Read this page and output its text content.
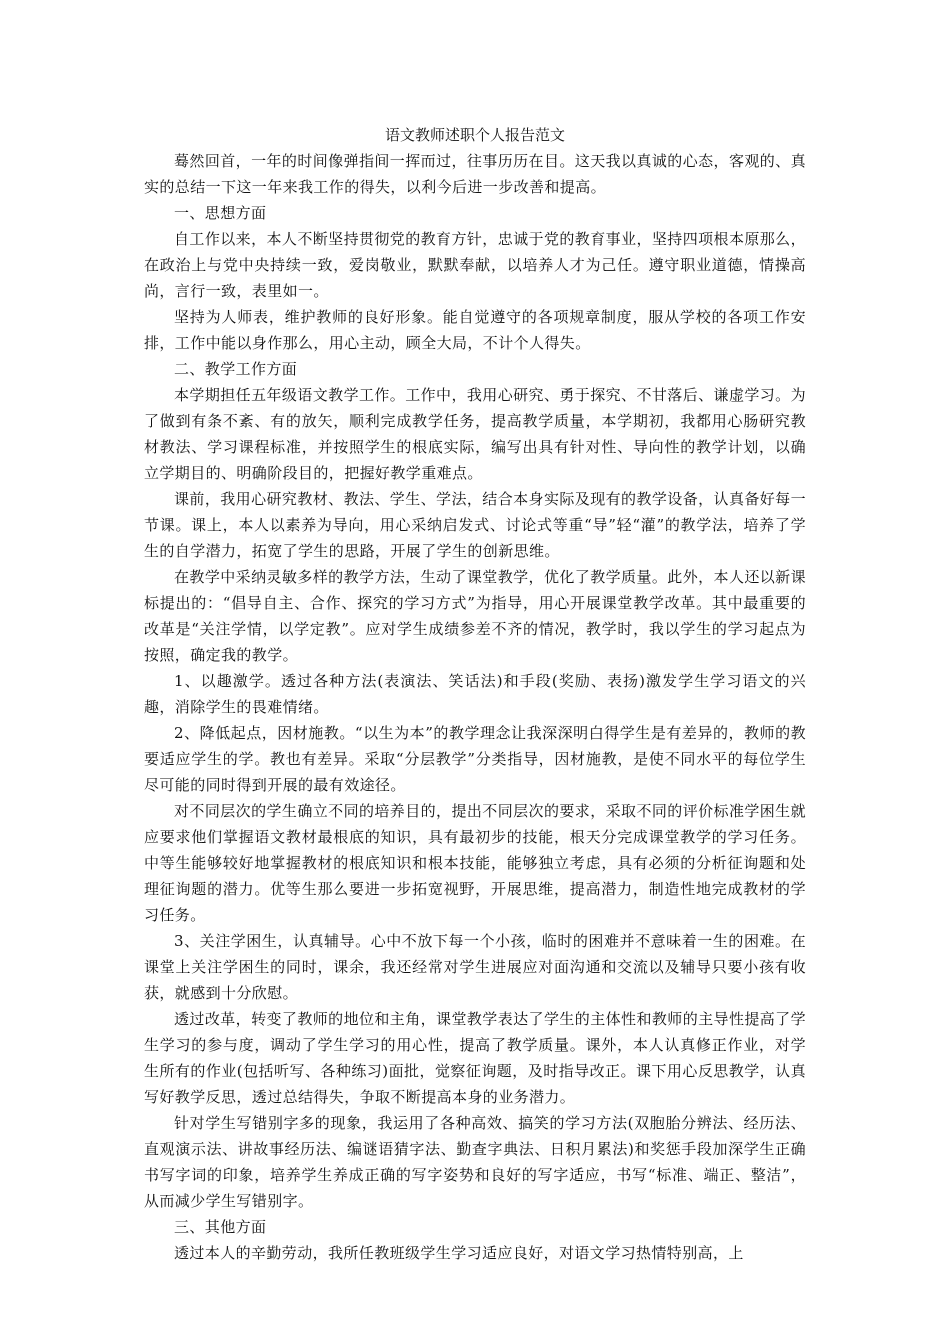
语文教师述职个人报告范文

蓦然回首，一年的时间像弹指间一挥而过，往事历历在目。这天我以真诚的心态，客观的、真实的总结一下这一年来我工作的得失，以利今后进一步改善和提高。

一、思想方面

自工作以来，本人不断坚持贯彻党的教育方针，忠诚于党的教育事业，坚持四项根本原那么，在政治上与党中央持续一致，爱岗敬业，默默奉献，以培养人才为己任。遵守职业道德，情操高尚，言行一致，表里如一。

坚持为人师表，维护教师的良好形象。能自觉遵守的各项规章制度，服从学校的各项工作安排，工作中能以身作那么，用心主动，顾全大局，不计个人得失。

二、教学工作方面

本学期担任五年级语文教学工作。工作中，我用心研究、勇于探究、不甘落后、谦虚学习。为了做到有条不紊、有的放矢，顺利完成教学任务，提高教学质量，本学期初，我都用心肠研究教材教法、学习课程标准，并按照学生的根底实际，编写出具有针对性、导向性的教学计划，以确立学期目的、明确阶段目的，把握好教学重难点。

课前，我用心研究教材、教法、学生、学法，结合本身实际及现有的教学设备，认真备好每一节课。课上，本人以素养为导向，用心采纳启发式、讨论式等重“导”轻“灌”的教学法，培养了学生的自学潜力，拓宽了学生的思路，开展了学生的创新思维。

在教学中采纳灵敏多样的教学方法，生动了课堂教学，优化了教学质量。此外，本人还以新课标提出的：“倡导自主、合作、探究的学习方式”为指导，用心开展课堂教学改革。其中最重要的改革是“关注学情，以学定教”。应对学生成绩参差不齐的情况，教学时，我以学生的学习起点为按照，确定我的教学。

1、以趣激学。透过各种方法(表演法、笑话法)和手段(奖励、表扬)激发学生学习语文的兴趣，消除学生的畏难情绪。

2、降低起点，因材施教。“以生为本”的教学理念让我深深明白得学生是有差异的，教师的教要适应学生的学。教也有差异。采取“分层教学”分类指导，因材施教，是使不同水平的每位学生尽可能的同时得到开展的最有效途径。

对不同层次的学生确立不同的培养目的，提出不同层次的要求，采取不同的评价标准学困生就应要求他们掌握语文教材最根底的知识，具有最初步的技能，根天分完成课堂教学的学习任务。中等生能够较好地掌握教材的根底知识和根本技能，能够独立考虑，具有必须的分析征询题和处理征询题的潜力。优等生那么要进一步拓宽视野，开展思维，提高潜力，制造性地完成教材的学习任务。

3、关注学困生，认真辅导。心中不放下每一个小孩，临时的困难并不意味着一生的困难。在课堂上关注学困生的同时，课余，我还经常对学生进展应对面沟通和交流以及辅导只要小孩有收获，就感到十分欣慰。

透过改革，转变了教师的地位和主角，课堂教学表达了学生的主体性和教师的主导性提高了学生学习的参与度，调动了学生学习的用心性，提高了教学质量。课外，本人认真修正作业，对学生所有的作业(包括听写、各种练习)面批，觉察征询题，及时指导改正。课下用心反思教学，认真写好教学反思，透过总结得失，争取不断提高本身的业务潜力。

针对学生写错别字多的现象，我运用了各种高效、搞笑的学习方法(双胞胎分辨法、经历法、直观演示法、讲故事经历法、编谜语猜字法、勤查字典法、日积月累法)和奖惩手段加深学生正确书写字词的印象，培养学生养成正确的写字姿势和良好的写字适应，书写“标准、端正、整洁”，从而减少学生写错别字。

三、其他方面

透过本人的辛勤劳动，我所任教班级学生学习适应良好，对语文学习热情特别高，上
